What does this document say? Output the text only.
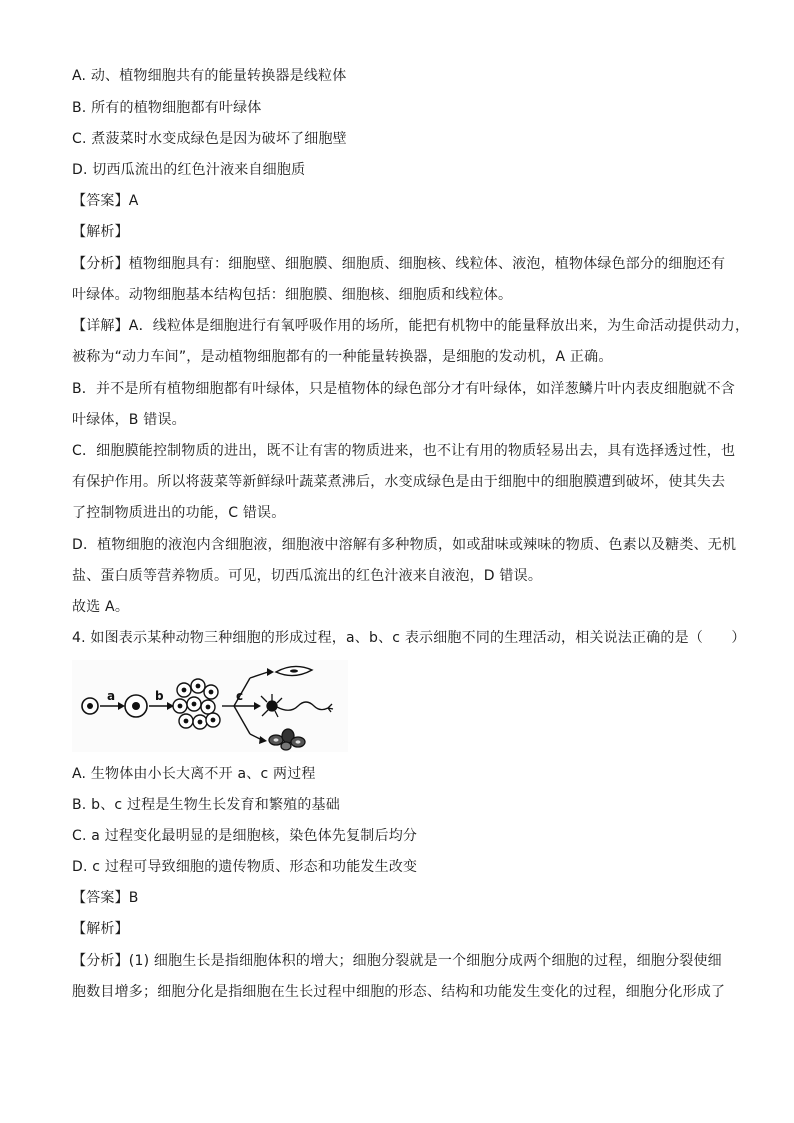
A. 动、植物细胞共有的能量转换器是线粒体
B. 所有的植物细胞都有叶绿体
C. 煮菠菜时水变成绿色是因为破坏了细胞壁
D. 切西瓜流出的红色汁液来自细胞质
【答案】A
【解析】
【分析】植物细胞具有：细胞壁、细胞膜、细胞质、细胞核、线粒体、液泡，植物体绿色部分的细胞还有
叶绿体。动物细胞基本结构包括：细胞膜、细胞核、细胞质和线粒体。
【详解】A．线粒体是细胞进行有氧呼吸作用的场所，能把有机物中的能量释放出来，为生命活动提供动力，
被称为“动力车间”，是动植物细胞都有的一种能量转换器，是细胞的发动机，A 正确。
B．并不是所有植物细胞都有叶绿体，只是植物体的绿色部分才有叶绿体，如洋葱鳞片叶内表皮细胞就不含
叶绿体，B 错误。
C．细胞膜能控制物质的进出，既不让有害的物质进来，也不让有用的物质轻易出去，具有选择透过性，也
有保护作用。所以将菠菜等新鲜绿叶蔬菜煮沸后，水变成绿色是由于细胞中的细胞膜遭到破坏，使其失去
了控制物质进出的功能，C 错误。
D．植物细胞的液泡内含细胞液，细胞液中溶解有多种物质，如或甜味或辣味的物质、色素以及糖类、无机
盐、蛋白质等营养物质。可见，切西瓜流出的红色汁液来自液泡，D 错误。
故选 A。
4. 如图表示某种动物三种细胞的形成过程，a、b、c 表示细胞不同的生理活动，相关说法正确的是（　　）
a	b	c
A. 生物体由小长大离不开 a、c 两过程
B. b、c 过程是生物生长发育和繁殖的基础
C. a 过程变化最明显的是细胞核，染色体先复制后均分
D. c 过程可导致细胞的遗传物质、形态和功能发生改变
【答案】B
【解析】
【分析】(1) 细胞生长是指细胞体积的增大；细胞分裂就是一个细胞分成两个细胞的过程，细胞分裂使细
胞数目增多；细胞分化是指细胞在生长过程中细胞的形态、结构和功能发生变化的过程，细胞分化形成了
